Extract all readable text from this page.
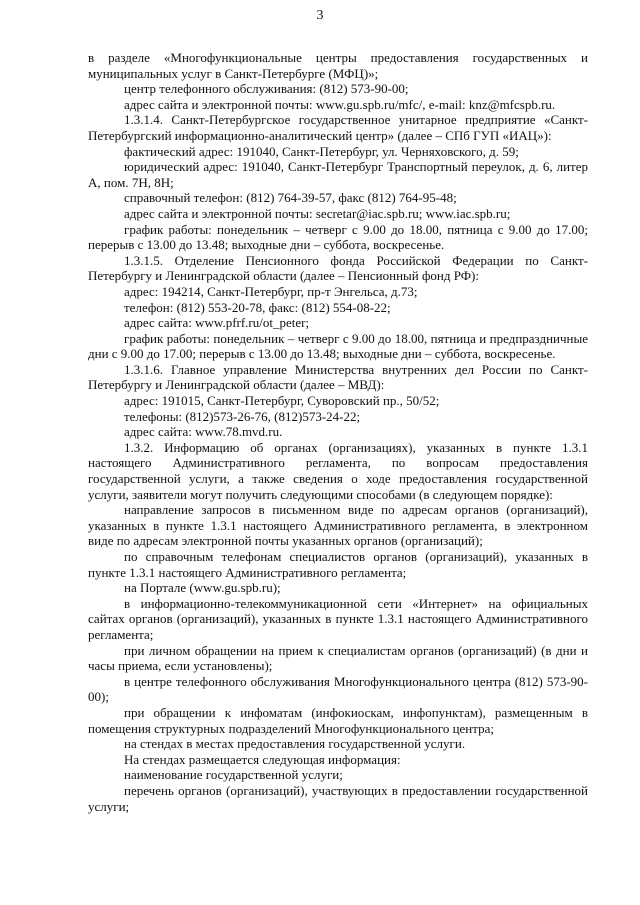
3

в разделе «Многофункциональные центры предоставления государственных и муниципальных услуг в Санкт-Петербурге (МФЦ)»;

центр телефонного обслуживания: (812) 573-90-00;

адрес сайта и электронной почты: www.gu.spb.ru/mfc/, e-mail: knz@mfcspb.ru.

1.3.1.4. Санкт-Петербургское государственное унитарное предприятие «Санкт-Петербургский информационно-аналитический центр» (далее – СПб ГУП «ИАЦ»):

фактический адрес: 191040, Санкт-Петербург, ул. Черняховского, д. 59;

юридический адрес: 191040, Санкт-Петербург Транспортный переулок, д. 6, литер А, пом. 7Н, 8Н;

справочный телефон: (812) 764-39-57, факс (812) 764-95-48;

адрес сайта и электронной почты: secretar@iac.spb.ru; www.iac.spb.ru;

график работы: понедельник – четверг с 9.00 до 18.00, пятница с 9.00 до 17.00; перерыв с 13.00 до 13.48; выходные дни – суббота, воскресенье.

1.3.1.5. Отделение Пенсионного фонда Российской Федерации по Санкт-Петербургу и Ленинградской области (далее – Пенсионный фонд РФ):

адрес: 194214, Санкт-Петербург, пр-т Энгельса, д.73;

телефон: (812) 553-20-78, факс: (812) 554-08-22;

адрес сайта: www.pfrf.ru/ot_peter;

график работы: понедельник – четверг с 9.00 до 18.00, пятница и предпраздничные дни с 9.00 до 17.00; перерыв с 13.00 до 13.48; выходные дни – суббота, воскресенье.

1.3.1.6. Главное управление Министерства внутренних дел России по Санкт-Петербургу и Ленинградской области (далее – МВД):

адрес: 191015, Санкт-Петербург, Суворовский пр., 50/52;

телефоны: (812)573-26-76, (812)573-24-22;

адрес сайта: www.78.mvd.ru.

1.3.2. Информацию об органах (организациях), указанных в пункте 1.3.1 настоящего Административного регламента, по вопросам предоставления государственной услуги, а также сведения о ходе предоставления государственной услуги, заявители могут получить следующими способами (в следующем порядке):

направление запросов в письменном виде по адресам органов (организаций), указанных в пункте 1.3.1 настоящего Административного регламента, в электронном виде по адресам электронной почты указанных органов (организаций);

по справочным телефонам специалистов органов (организаций), указанных в пункте 1.3.1 настоящего Административного регламента;

на Портале (www.gu.spb.ru);

в информационно-телекоммуникационной сети «Интернет» на официальных сайтах органов (организаций), указанных в пункте 1.3.1 настоящего Административного регламента;

при личном обращении на прием к специалистам органов (организаций) (в дни и часы приема, если установлены);

в центре телефонного обслуживания Многофункционального центра (812) 573-90-00);

при обращении к инфоматам (инфокиоскам, инфопунктам), размещенным в помещения структурных подразделений Многофункционального центра;

на стендах в местах предоставления государственной услуги.

На стендах размещается следующая информация:

наименование государственной услуги;

перечень органов (организаций), участвующих в предоставлении государственной услуги;
